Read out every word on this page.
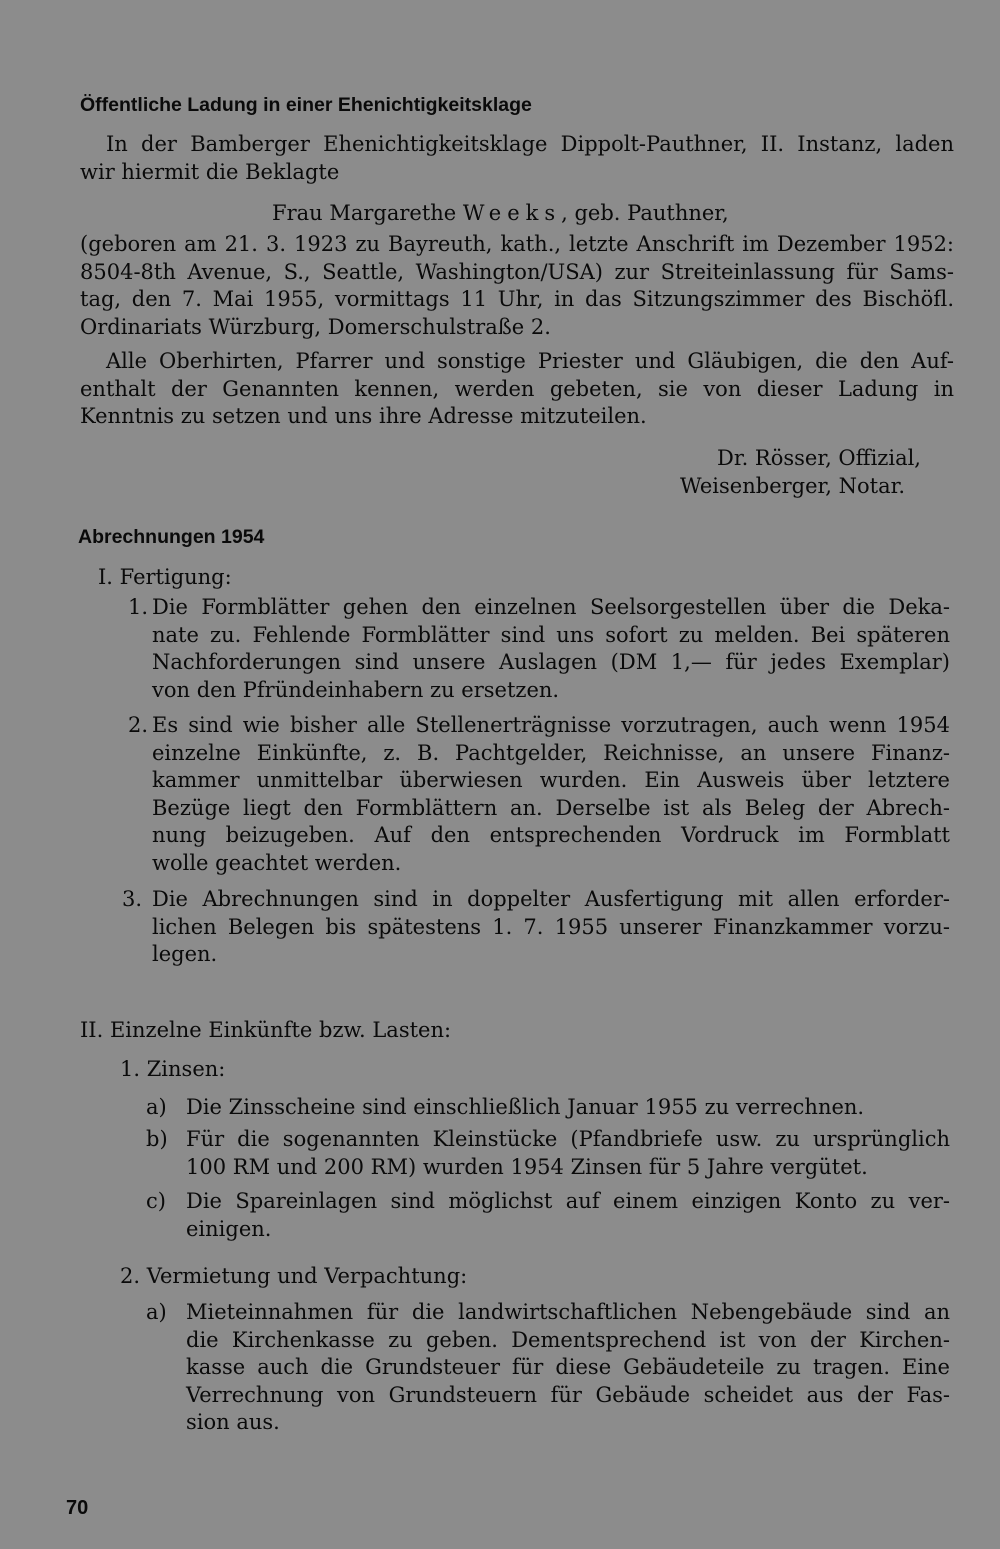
Öffentliche Ladung in einer Ehenichtigkeitsklage
In der Bamberger Ehenichtigkeitsklage Dippolt-Pauthner, II. Instanz, laden
wir hiermit die Beklagte
Frau Margarethe Weeks, geb. Pauthner,
(geboren am 21. 3. 1923 zu Bayreuth, kath., letzte Anschrift im Dezember 1952:
8504-8th Avenue, S., Seattle, Washington/USA) zur Streiteinlassung für Sams-
tag, den 7. Mai 1955, vormittags 11 Uhr, in das Sitzungszimmer des Bischöfl.
Ordinariats Würzburg, Domerschulstraße 2.
Alle Oberhirten, Pfarrer und sonstige Priester und Gläubigen, die den Auf-
enthalt der Genannten kennen, werden gebeten, sie von dieser Ladung in
Kenntnis zu setzen und uns ihre Adresse mitzuteilen.
Dr. Rösser, Offizial,
Weisenberger, Notar.
Abrechnungen 1954
I. Fertigung:
1. Die Formblätter gehen den einzelnen Seelsorgestellen über die Deka-
nate zu. Fehlende Formblätter sind uns sofort zu melden. Bei späteren
Nachforderungen sind unsere Auslagen (DM 1,— für jedes Exemplar)
von den Pfründeinhabern zu ersetzen.
2. Es sind wie bisher alle Stellenerträgnisse vorzutragen, auch wenn 1954
einzelne Einkünfte, z. B. Pachtgelder, Reichnisse, an unsere Finanz-
kammer unmittelbar überwiesen wurden. Ein Ausweis über letztere
Bezüge liegt den Formblättern an. Derselbe ist als Beleg der Abrech-
nung beizugeben. Auf den entsprechenden Vordruck im Formblatt
wolle geachtet werden.
3. Die Abrechnungen sind in doppelter Ausfertigung mit allen erforder-
lichen Belegen bis spätestens 1. 7. 1955 unserer Finanzkammer vorzu-
legen.
II. Einzelne Einkünfte bzw. Lasten:
1. Zinsen:
a) Die Zinsscheine sind einschließlich Januar 1955 zu verrechnen.
b) Für die sogenannten Kleinstücke (Pfandbriefe usw. zu ursprünglich
100 RM und 200 RM) wurden 1954 Zinsen für 5 Jahre vergütet.
c) Die Spareinlagen sind möglichst auf einem einzigen Konto zu ver-
einigen.
2. Vermietung und Verpachtung:
a) Mieteinnahmen für die landwirtschaftlichen Nebengebäude sind an
die Kirchenkasse zu geben. Dementsprechend ist von der Kirchen-
kasse auch die Grundsteuer für diese Gebäudeteile zu tragen. Eine
Verrechnung von Grundsteuern für Gebäude scheidet aus der Fas-
sion aus.
70
